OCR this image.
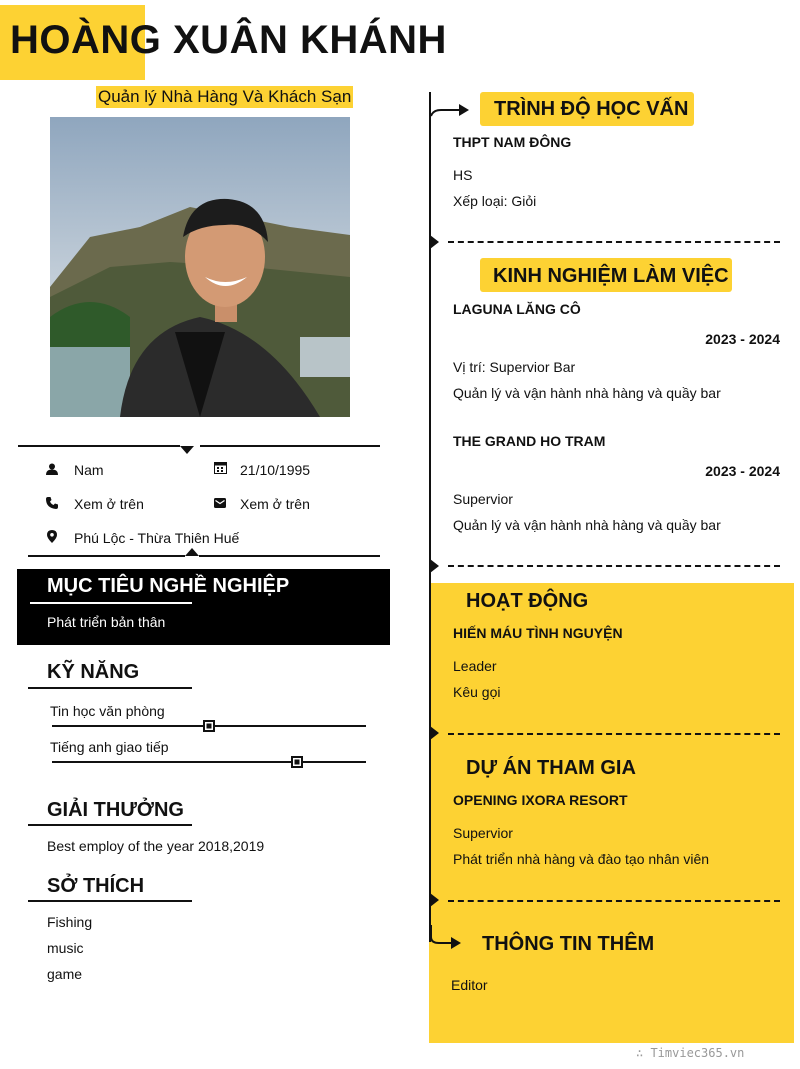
HOÀNG XUÂN KHÁNH
Quản lý Nhà Hàng Và Khách Sạn
Nam	21/10/1995
Xem ở trên	Xem ở trên
Phú Lộc - Thừa Thiên Huế
MỤC TIÊU NGHỀ NGHIỆP
Phát triển bản thân
KỸ NĂNG
Tin học văn phòng
Tiếng anh giao tiếp
GIẢI THƯỞNG
Best employ of the year 2018,2019
SỞ THÍCH
Fishing
music
game
TRÌNH ĐỘ HỌC VẤN
THPT NAM ĐÔNG
HS
Xếp loại: Giỏi
KINH NGHIỆM LÀM VIỆC
LAGUNA LĂNG CÔ
2023 - 2024
Vị trí: Supervior Bar
Quản lý và vận hành nhà hàng và quầy bar
THE GRAND HO TRAM
2023 - 2024
Supervior
Quản lý và vận hành nhà hàng và quầy bar
HOẠT ĐỘNG
HIẾN MÁU TÌNH NGUYỆN
Leader
Kêu gọi
DỰ ÁN THAM GIA
OPENING IXORA RESORT
Supervior
Phát triển nhà hàng và đào tạo nhân viên
THÔNG TIN THÊM
Editor
∴ Timviec365.vn
